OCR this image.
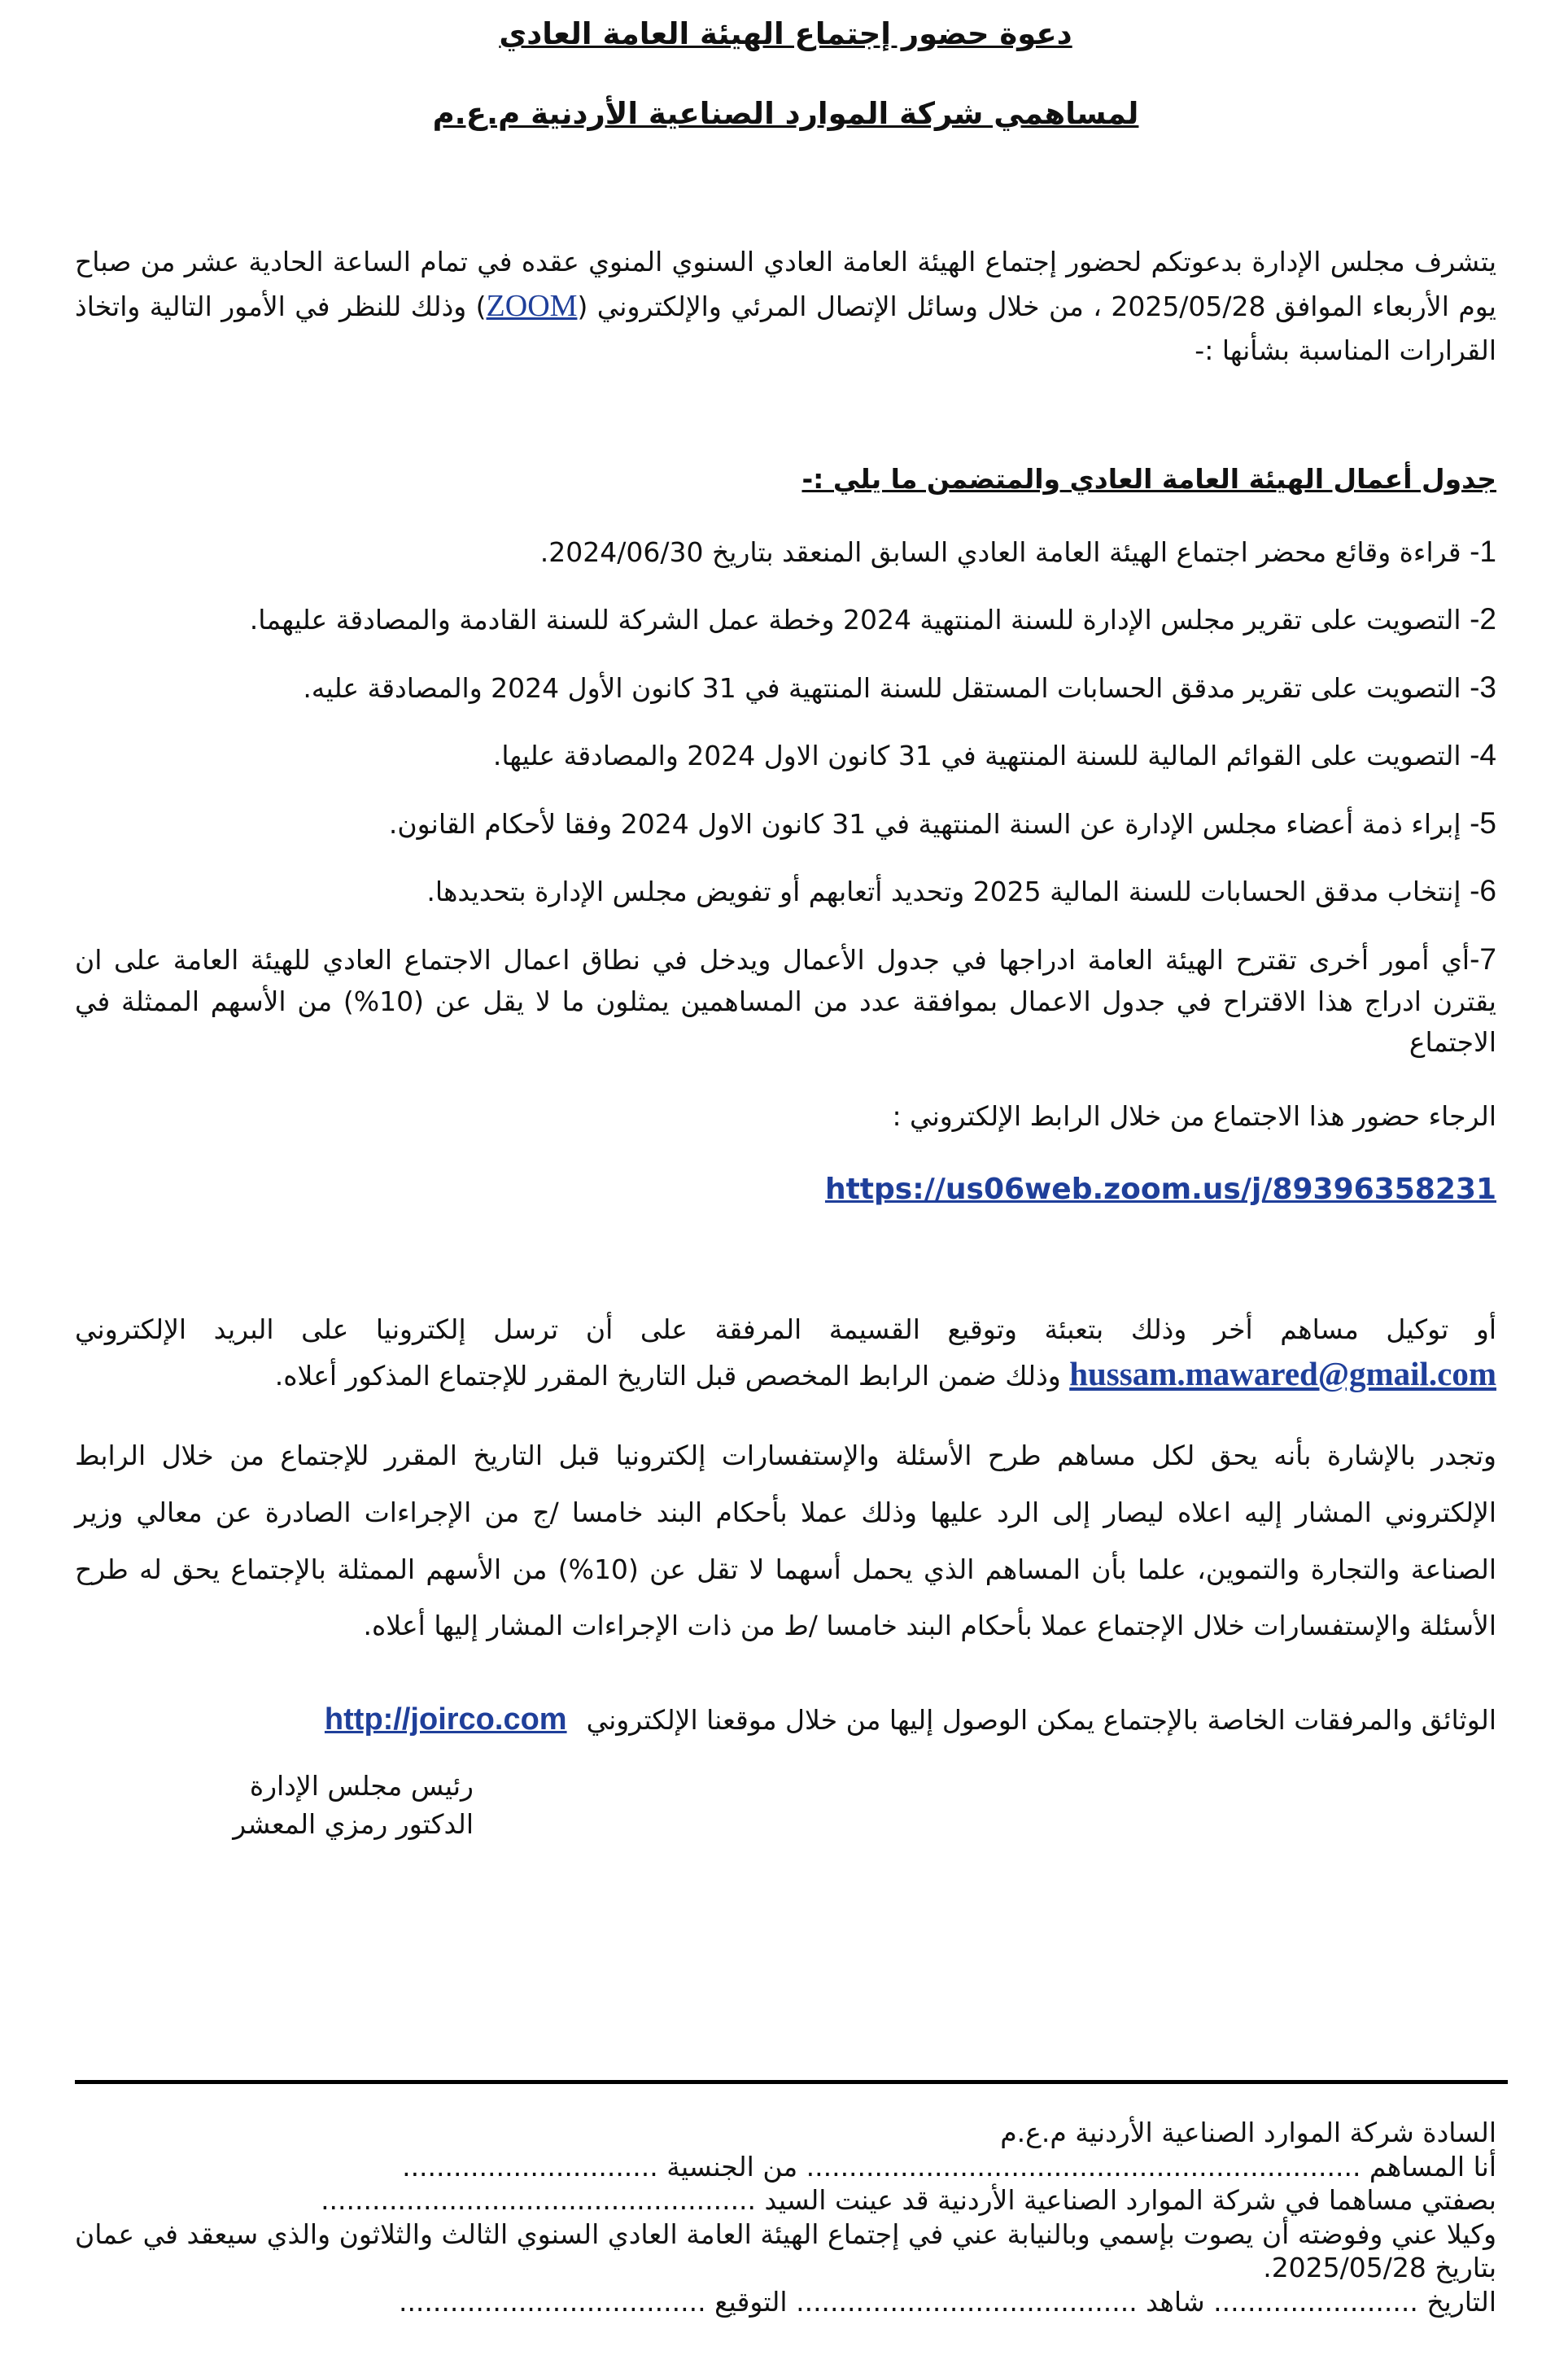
دعوة حضور إجتماع الهيئة العامة العادي
لمساهمي شركة الموارد الصناعية الأردنية م.ع.م

يتشرف مجلس الإدارة بدعوتكم لحضور إجتماع الهيئة العامة العادي السنوي المنوي عقده في تمام الساعة الحادية عشر من صباح يوم الأربعاء الموافق 2025/05/28 ، من خلال وسائل الإتصال المرئي والإلكتروني (ZOOM) وذلك للنظر في الأمور التالية واتخاذ القرارات المناسبة بشأنها :-

جدول أعمال الهيئة العامة العادي والمتضمن ما يلي :-

1- قراءة وقائع محضر اجتماع الهيئة العامة العادي السابق المنعقد بتاريخ 2024/06/30.

2- التصويت على تقرير مجلس الإدارة للسنة المنتهية 2024 وخطة عمل الشركة للسنة القادمة والمصادقة عليهما.

3- التصويت على تقرير مدقق الحسابات المستقل للسنة المنتهية في 31 كانون الأول 2024 والمصادقة عليه.

4- التصويت على القوائم المالية للسنة المنتهية في 31 كانون الاول 2024 والمصادقة عليها.

5- إبراء ذمة أعضاء مجلس الإدارة عن السنة المنتهية في 31 كانون الاول 2024 وفقا لأحكام القانون.

6- إنتخاب مدقق الحسابات للسنة المالية 2025 وتحديد أتعابهم أو تفويض مجلس الإدارة بتحديدها.

7-أي أمور أخرى تقترح الهيئة العامة ادراجها في جدول الأعمال ويدخل في نطاق اعمال الاجتماع العادي للهيئة العامة على ان يقترن ادراج هذا الاقتراح في جدول الاعمال بموافقة عدد من المساهمين يمثلون ما لا يقل عن (10%) من الأسهم الممثلة في الاجتماع

الرجاء حضور هذا الاجتماع من خلال الرابط الإلكتروني :

https://us06web.zoom.us/j/89396358231

أو توكيل مساهم أخر وذلك بتعبئة وتوقيع القسيمة المرفقة على أن ترسل إلكترونيا على البريد الإلكتروني hussam.mawared@gmail.com وذلك ضمن الرابط المخصص قبل التاريخ المقرر للإجتماع المذكور أعلاه.

وتجدر بالإشارة بأنه يحق لكل مساهم طرح الأسئلة والإستفسارات إلكترونيا قبل التاريخ المقرر للإجتماع من خلال الرابط الإلكتروني المشار إليه اعلاه ليصار إلى الرد عليها وذلك عملا بأحكام البند خامسا /ج من الإجراءات الصادرة عن معالي وزير الصناعة والتجارة والتموين، علما بأن المساهم الذي يحمل أسهما لا تقل عن (10%) من الأسهم الممثلة بالإجتماع يحق له طرح الأسئلة والإستفسارات خلال الإجتماع عملا بأحكام البند خامسا /ط من ذات الإجراءات المشار إليها أعلاه.

الوثائق والمرفقات الخاصة بالإجتماع يمكن الوصول إليها من خلال موقعنا الإلكترونيhttp://joirco.com

رئيس مجلس الإدارة

الدكتور رمزي المعشر

السادة شركة الموارد الصناعية الأردنية م.ع.م

أنا المساهم ................................................................. من الجنسية ..............................

بصفتي مساهما في شركة الموارد الصناعية الأردنية قد عينت السيد ...................................................

وكيلا عني وفوضته أن يصوت بإسمي وبالنيابة عني في إجتماع الهيئة العامة العادي السنوي الثالث والثلاثون والذي سيعقد في عمان بتاريخ 2025/05/28.

التاريخ ........................ شاهد ........................................ التوقيع ....................................
